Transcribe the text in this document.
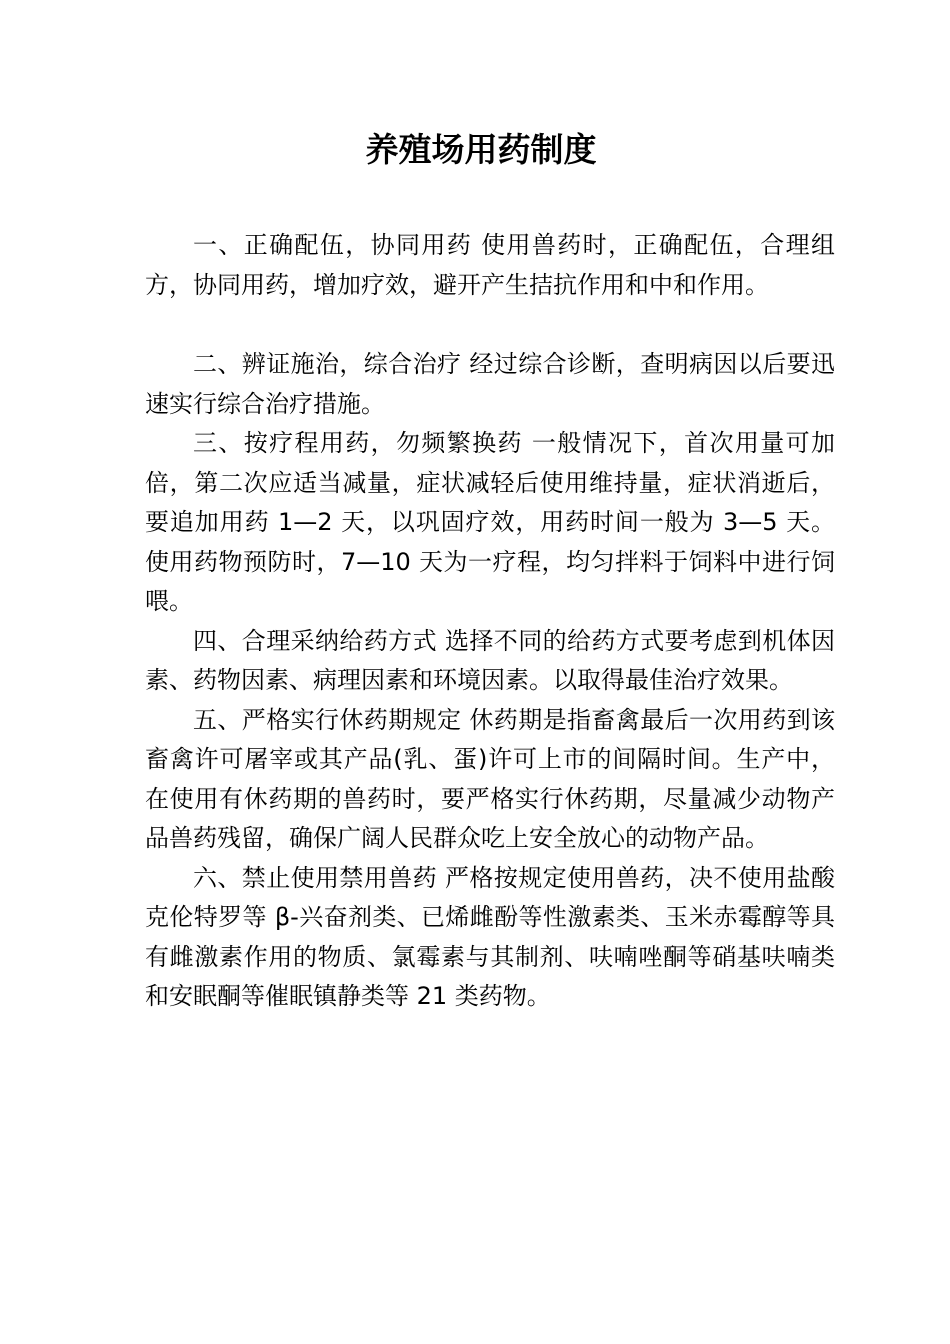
养殖场用药制度

一、正确配伍，协同用药 使用兽药时，正确配伍，合理组方，协同用药，增加疗效，避开产生拮抗作用和中和作用。

二、辨证施治，综合治疗 经过综合诊断，查明病因以后要迅速实行综合治疗措施。

三、按疗程用药，勿频繁换药 一般情况下，首次用量可加倍，第二次应适当减量，症状减轻后使用维持量，症状消逝后，要追加用药 1—2 天，以巩固疗效，用药时间一般为 3—5 天。使用药物预防时，7—10 天为一疗程，均匀拌料于饲料中进行饲喂。

四、合理采纳给药方式 选择不同的给药方式要考虑到机体因素、药物因素、病理因素和环境因素。以取得最佳治疗效果。

五、严格实行休药期规定 休药期是指畜禽最后一次用药到该畜禽许可屠宰或其产品(乳、蛋)许可上市的间隔时间。生产中，在使用有休药期的兽药时，要严格实行休药期，尽量减少动物产品兽药残留，确保广阔人民群众吃上安全放心的动物产品。

六、禁止使用禁用兽药 严格按规定使用兽药，决不使用盐酸克伦特罗等 β-兴奋剂类、已烯雌酚等性激素类、玉米赤霉醇等具有雌激素作用的物质、氯霉素与其制剂、呋喃唑酮等硝基呋喃类和安眠酮等催眠镇静类等 21 类药物。
